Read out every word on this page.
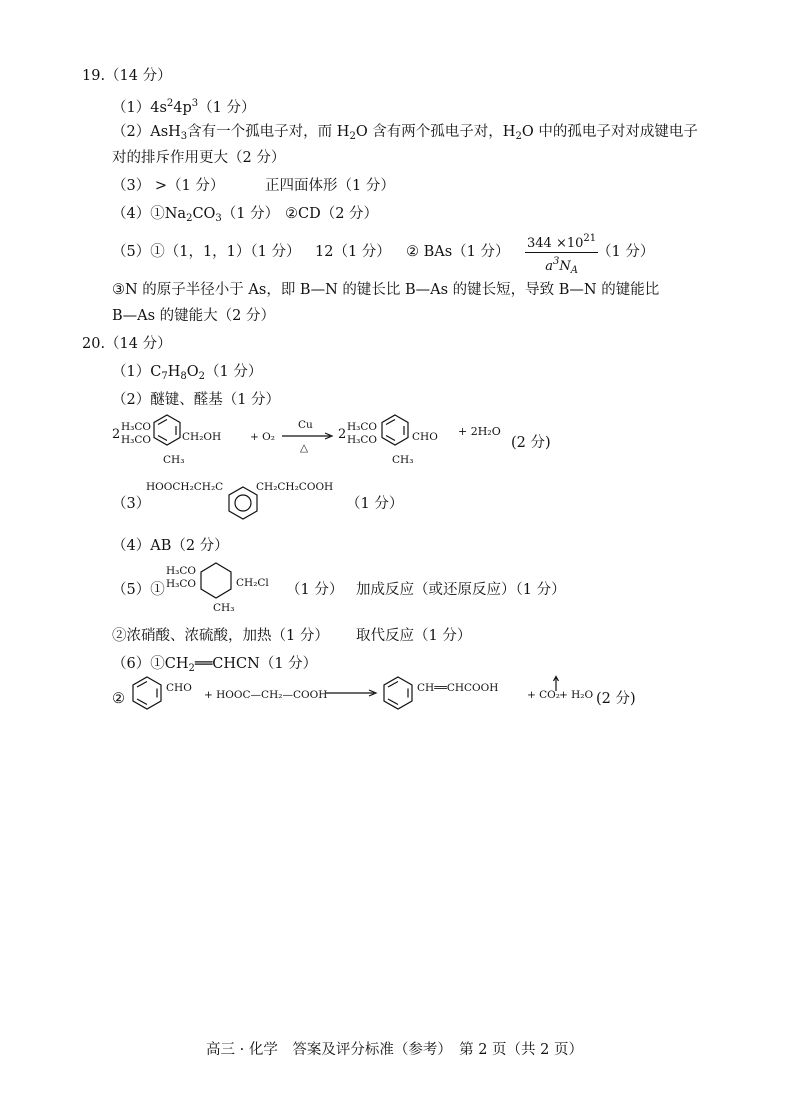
19.（14 分）
$(1)4s^24p^3(1$ 分）
（2）AsH$_3$含有一个孤电子对，而 $H_2O$ 含有两个孤电子对，$H_2O$ 中的孤电子对对成键电子
对的排斥作用更大（2 分）
（3） >（1 分）	正四面体形（1 分）
$(4)①Na_2CO_3(1$ 分） ②CD（2 分）
（5）①（1，1，1）（1 分） 12（1 分） ② BAs（1 分） $\frac{344 \times 10^{21}}{a^3N_A}$
（1 分）
③N 的原子半径小于 As，即 B—N 的键长比 B—As 的键长短，导致 B—N 的键能比
B—As 的键能大（2 分）
20.（14 分）
$(1)C_7H_8O_2(1$ 分）
（2）醚键、醛基（1 分）
2 H₃CO
H₃CO	CH₂OH
CH₃
+ O₂
Cu
△
2 H₃CO
H₃CO	CHO
CH₃
+ 2H₂O
(2 分)
（3）
HOOCH₂CH₂C	CH₂CH₂COOH
（1 分）
（4）AB（2 分）
（5）①
H₃CO
H₃CO	CH₂Cl
CH₃
（1 分） 加成反应（或还原反应）（1 分）
②浓硝酸、浓硫酸，加热（1 分） 取代反应（1 分）
$(6)①CH_2══CHCN(1$ 分）
②
CHO
+ HOOC—CH₂—COOH
CH══CHCOOH
+ CO₂ + H₂O (2 分)
高三 · 化学　答案及评分标准（参考）　第 2 页（共 2 页）
